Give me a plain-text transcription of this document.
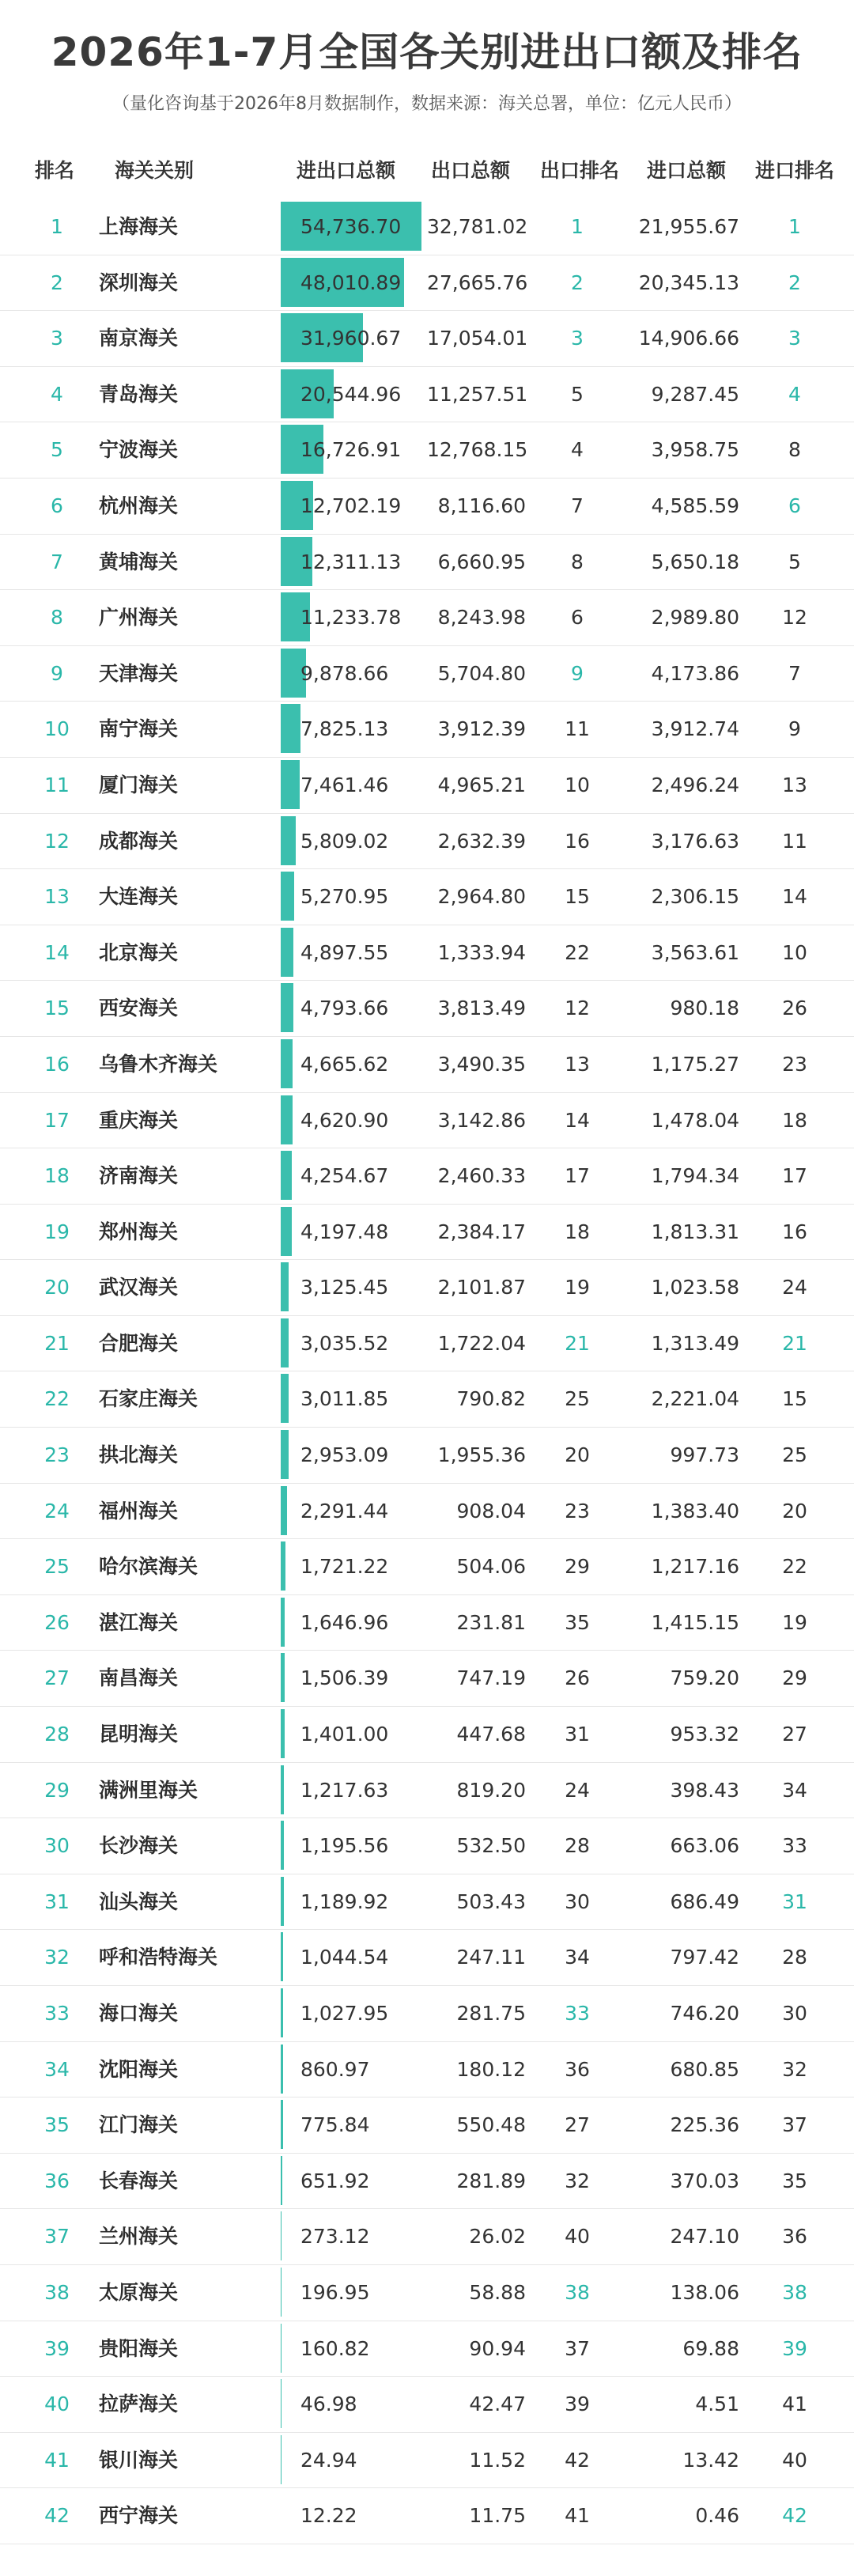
2026年1-7月全国各关别进出口额及排名
（量化咨询基于2026年8月数据制作，数据来源：海关总署，单位：亿元人民币）
排名 海关关别	进出口总额 出口总额 出口排名 进口总额 进口排名
1	上海海关	54,736.70 32,781.02	1	21,955.67	1
2	深圳海关	48,010.89 27,665.76	2	20,345.13	2
3	南京海关	31,960.67 17,054.01	3	14,906.66	3
4	青岛海关	20,544.96 11,257.51	5	9,287.45	4
5	宁波海关	16,726.91 12,768.15	4	3,958.75	8
6	杭州海关	12,702.19	8,116.60	7	4,585.59	6
7	黄埔海关	12,311.13	6,660.95	8	5,650.18	5
8	广州海关	11,233.78	8,243.98	6	2,989.80	12
9	天津海关	9,878.66	5,704.80	9	4,173.86	7
10 南宁海关	7,825.13	3,912.39	11	3,912.74	9
11 厦门海关	7,461.46	4,965.21	10	2,496.24	13
12 成都海关	5,809.02	2,632.39	16	3,176.63	11
13 大连海关	5,270.95	2,964.80	15	2,306.15	14
14 北京海关	4,897.55	1,333.94	22	3,563.61	10
15 西安海关	4,793.66	3,813.49	12	980.18	26
16 乌鲁木齐海关	4,665.62	3,490.35	13	1,175.27	23
17 重庆海关	4,620.90	3,142.86	14	1,478.04	18
18 济南海关	4,254.67	2,460.33	17	1,794.34	17
19 郑州海关	4,197.48	2,384.17	18	1,813.31	16
20 武汉海关	3,125.45	2,101.87	19	1,023.58	24
21 合肥海关	3,035.52	1,722.04	21	1,313.49	21
22 石家庄海关	3,011.85	790.82	25	2,221.04	15
23 拱北海关	2,953.09	1,955.36	20	997.73	25
24 福州海关	2,291.44	908.04	23	1,383.40	20
25 哈尔滨海关	1,721.22	504.06	29	1,217.16	22
26 湛江海关	1,646.96	231.81	35	1,415.15	19
27 南昌海关	1,506.39	747.19	26	759.20	29
28 昆明海关	1,401.00	447.68	31	953.32	27
29 满洲里海关	1,217.63	819.20	24	398.43	34
30 长沙海关	1,195.56	532.50	28	663.06	33
31 汕头海关	1,189.92	503.43	30	686.49	31
32 呼和浩特海关	1,044.54	247.11	34	797.42	28
33 海口海关	1,027.95	281.75	33	746.20	30
34 沈阳海关	860.97	180.12	36	680.85	32
35 江门海关	775.84	550.48	27	225.36	37
36 长春海关	651.92	281.89	32	370.03	35
37 兰州海关	273.12	26.02	40	247.10	36
38 太原海关	196.95	58.88	38	138.06	38
39 贵阳海关	160.82	90.94	37	69.88	39
40 拉萨海关	46.98	42.47	39	4.51	41
41 银川海关	24.94	11.52	42	13.42	40
42 西宁海关	12.22	11.75	41	0.46	42
